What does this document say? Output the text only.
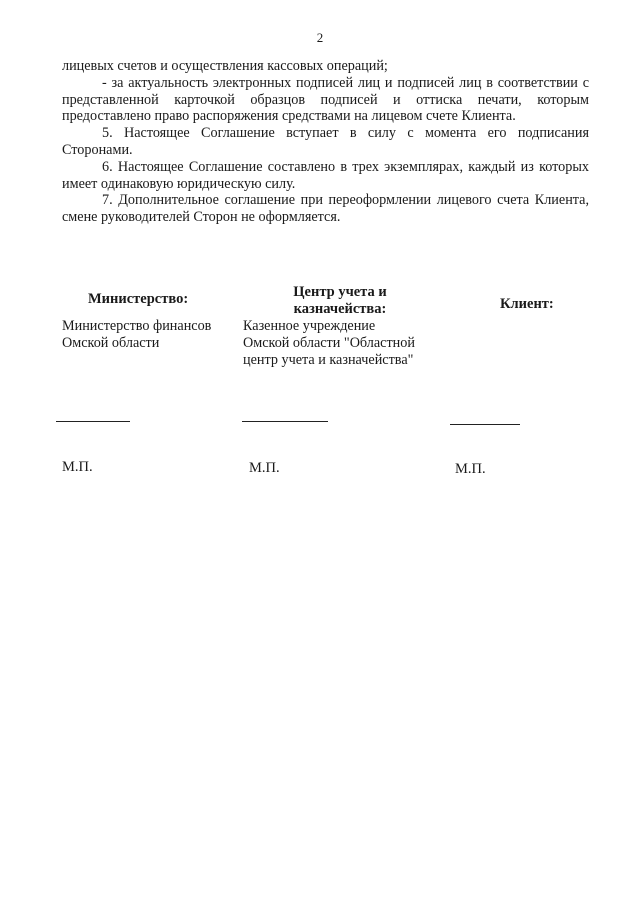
2

лицевых счетов и осуществления кассовых операций;

- за актуальность электронных подписей лиц и подписей лиц в соответствии с представленной карточкой образцов подписей и оттиска печати, которым предоставлено право распоряжения средствами на лицевом счете Клиента.

5. Настоящее Соглашение вступает в силу с момента его подписания Сторонами.

6. Настоящее Соглашение составлено в трех экземплярах, каждый из которых имеет одинаковую юридическую силу.

7. Дополнительное соглашение при переоформлении лицевого счета Клиента, смене руководителей Сторон не оформляется.

Министерство:
Министерство финансов
Омской области
Центр учета и
казначейства:
Казенное учреждение
Омской области "Областной
центр учета и казначейства"
Клиент:
М.П.	М.П.	М.П.
